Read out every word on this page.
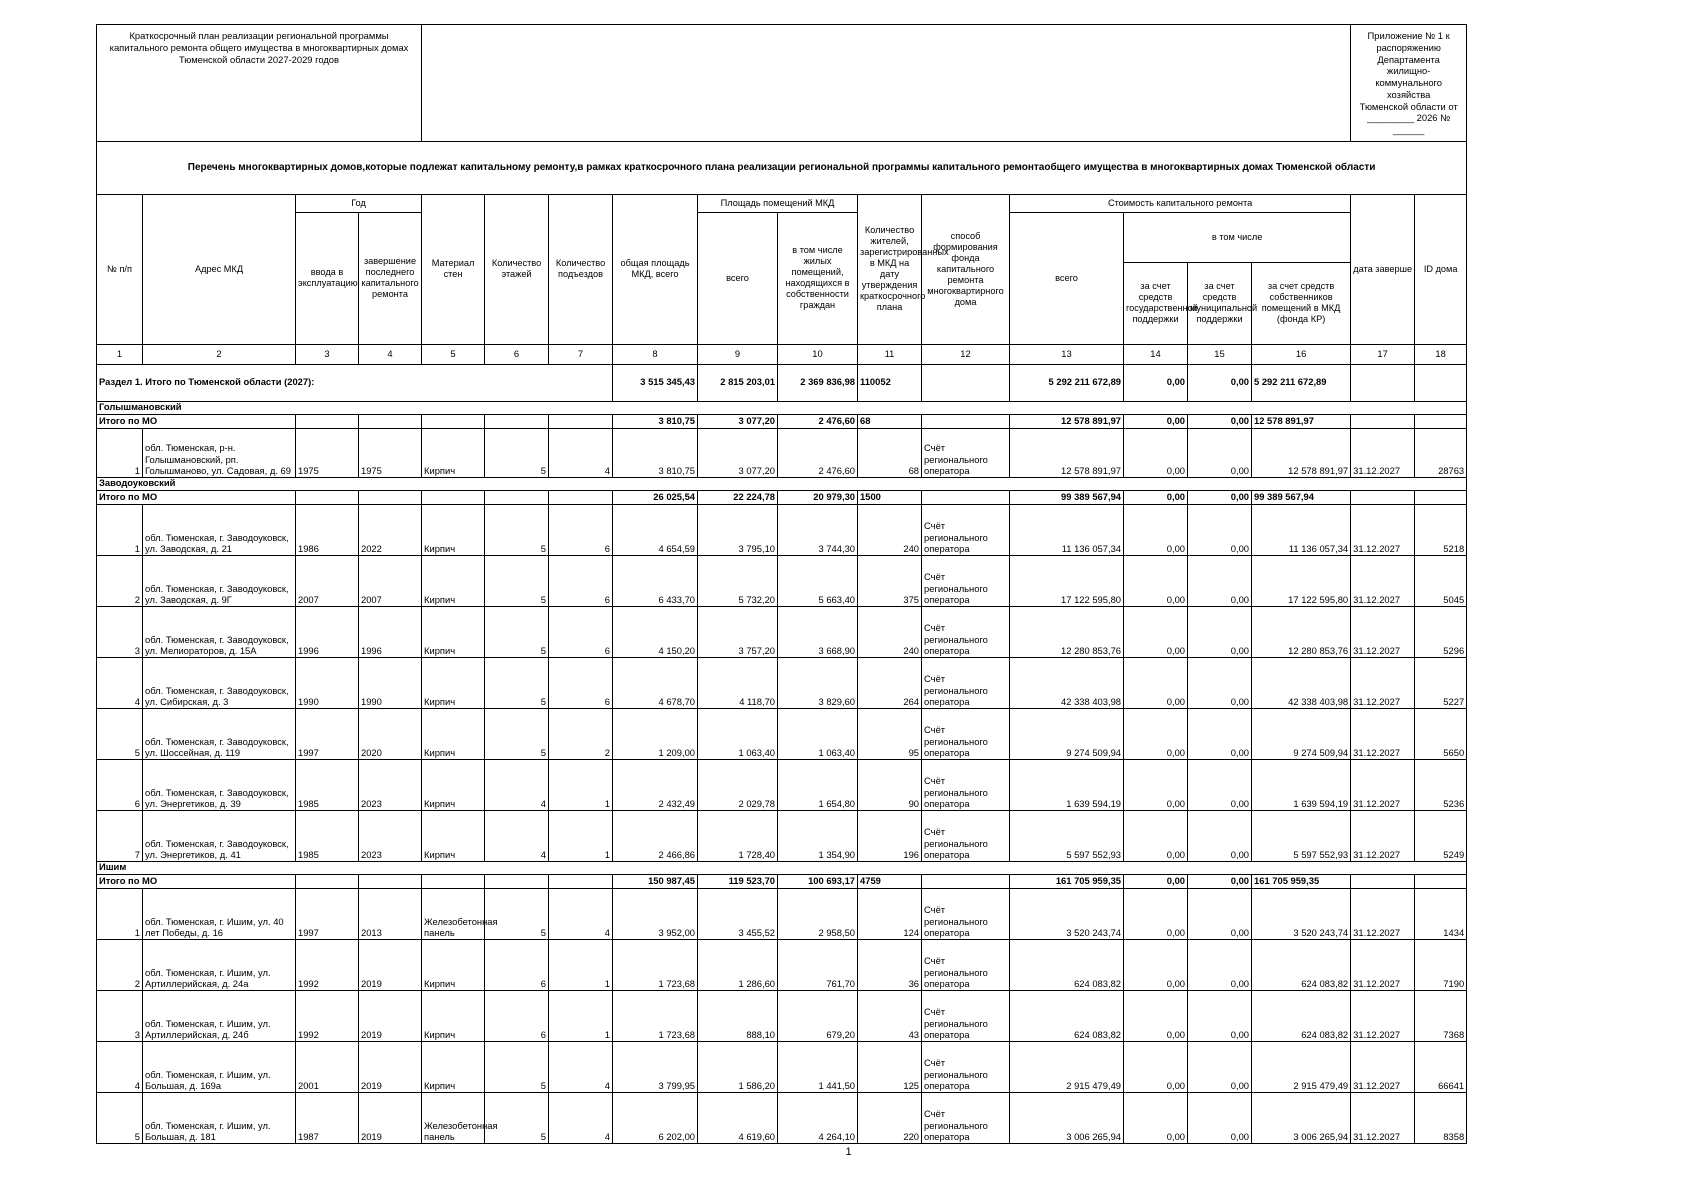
Краткосрочный план реализации региональной программы капитального ремонта общего имущества в многоквартирных домах Тюменской области 2027-2029 годов																Приложение № 1 к распоряжению Департамента
жилищно-коммунального хозяйства
Тюменской области от _________ 2026 № ______	

Перечень многоквартирных домов,которые подлежат капитальному ремонту,в рамках краткосрочного плана реализации региональной программы капитального ремонтаобщего имущества в многоквартирных домах Тюменской области																	
№ п/п	Адрес МКД	Год		Материал стен	Количество этажей	Количество подъездов	общая площадь МКД, всего	Площадь помещений МКД		Количество жителей, зарегистрированных в МКД на дату утверждения краткосрочного плана	способ формирования фонда капитального ремонта многоквартирного дома	Стоимость капитального ремонта				дата заверше	ID дома
		ввода в эксплуатацию	завершение последнего капитального ремонта					всего	в том числе жилых помещений, находящихся в собственности граждан			всего	в том числе				
													за счет средств государственной поддержки	за счет средств муниципальной поддержки	за счет средств собственников помещений в МКД (фонда КР)		
1	2	3	4	5	6	7	8	9	10	11	12	13	14	15	16	17	18
Раздел 1. Итого по Тюменской области (2027):							3 515 345,43	2 815 203,01	2 369 836,98	110052		5 292 211 672,89	0,00	0,00	5 292 211 672,89		
Голышмановский																	
Итого по МО							3 810,75	3 077,20	2 476,60	68		12 578 891,97	0,00	0,00	12 578 891,97		
1	обл. Тюменская, р-н. Голышмановский, рп. Голышманово, ул. Садовая, д. 69	1975	1975	Кирпич	5	4	3 810,75	3 077,20	2 476,60	68	Счёт регионального оператора	12 578 891,97	0,00	0,00	12 578 891,97	31.12.2027	28763
Заводоуковский																	
Итого по МО							26 025,54	22 224,78	20 979,30	1500		99 389 567,94	0,00	0,00	99 389 567,94		
1	обл. Тюменская, г. Заводоуковск, ул. Заводская, д. 21	1986	2022	Кирпич	5	6	4 654,59	3 795,10	3 744,30	240	Счёт регионального оператора	11 136 057,34	0,00	0,00	11 136 057,34	31.12.2027	5218
2	обл. Тюменская, г. Заводоуковск, ул. Заводская, д. 9Г	2007	2007	Кирпич	5	6	6 433,70	5 732,20	5 663,40	375	Счёт регионального оператора	17 122 595,80	0,00	0,00	17 122 595,80	31.12.2027	5045
3	обл. Тюменская, г. Заводоуковск, ул. Мелиораторов, д. 15А	1996	1996	Кирпич	5	6	4 150,20	3 757,20	3 668,90	240	Счёт регионального оператора	12 280 853,76	0,00	0,00	12 280 853,76	31.12.2027	5296
4	обл. Тюменская, г. Заводоуковск, ул. Сибирская, д. 3	1990	1990	Кирпич	5	6	4 678,70	4 118,70	3 829,60	264	Счёт регионального оператора	42 338 403,98	0,00	0,00	42 338 403,98	31.12.2027	5227
5	обл. Тюменская, г. Заводоуковск, ул. Шоссейная, д. 119	1997	2020	Кирпич	5	2	1 209,00	1 063,40	1 063,40	95	Счёт регионального оператора	9 274 509,94	0,00	0,00	9 274 509,94	31.12.2027	5650
6	обл. Тюменская, г. Заводоуковск, ул. Энергетиков, д. 39	1985	2023	Кирпич	4	1	2 432,49	2 029,78	1 654,80	90	Счёт регионального оператора	1 639 594,19	0,00	0,00	1 639 594,19	31.12.2027	5236
7	обл. Тюменская, г. Заводоуковск, ул. Энергетиков, д. 41	1985	2023	Кирпич	4	1	2 466,86	1 728,40	1 354,90	196	Счёт регионального оператора	5 597 552,93	0,00	0,00	5 597 552,93	31.12.2027	5249
Ишим																	
Итого по МО							150 987,45	119 523,70	100 693,17	4759		161 705 959,35	0,00	0,00	161 705 959,35		
1	обл. Тюменская, г. Ишим, ул. 40 лет Победы, д. 16	1997	2013	Железобетонная панель	5	4	3 952,00	3 455,52	2 958,50	124	Счёт регионального оператора	3 520 243,74	0,00	0,00	3 520 243,74	31.12.2027	1434
2	обл. Тюменская, г. Ишим, ул. Артиллерийская, д. 24а	1992	2019	Кирпич	6	1	1 723,68	1 286,60	761,70	36	Счёт регионального оператора	624 083,82	0,00	0,00	624 083,82	31.12.2027	7190
3	обл. Тюменская, г. Ишим, ул. Артиллерийская, д. 24б	1992	2019	Кирпич	6	1	1 723,68	888,10	679,20	43	Счёт регионального оператора	624 083,82	0,00	0,00	624 083,82	31.12.2027	7368
4	обл. Тюменская, г. Ишим, ул. Большая, д. 169а	2001	2019	Кирпич	5	4	3 799,95	1 586,20	1 441,50	125	Счёт регионального оператора	2 915 479,49	0,00	0,00	2 915 479,49	31.12.2027	66641
5	обл. Тюменская, г. Ишим, ул. Большая, д. 181	1987	2019	Железобетонная панель	5	4	6 202,00	4 619,60	4 264,10	220	Счёт регионального оператора	3 006 265,94	0,00	0,00	3 006 265,94	31.12.2027	8358
1
